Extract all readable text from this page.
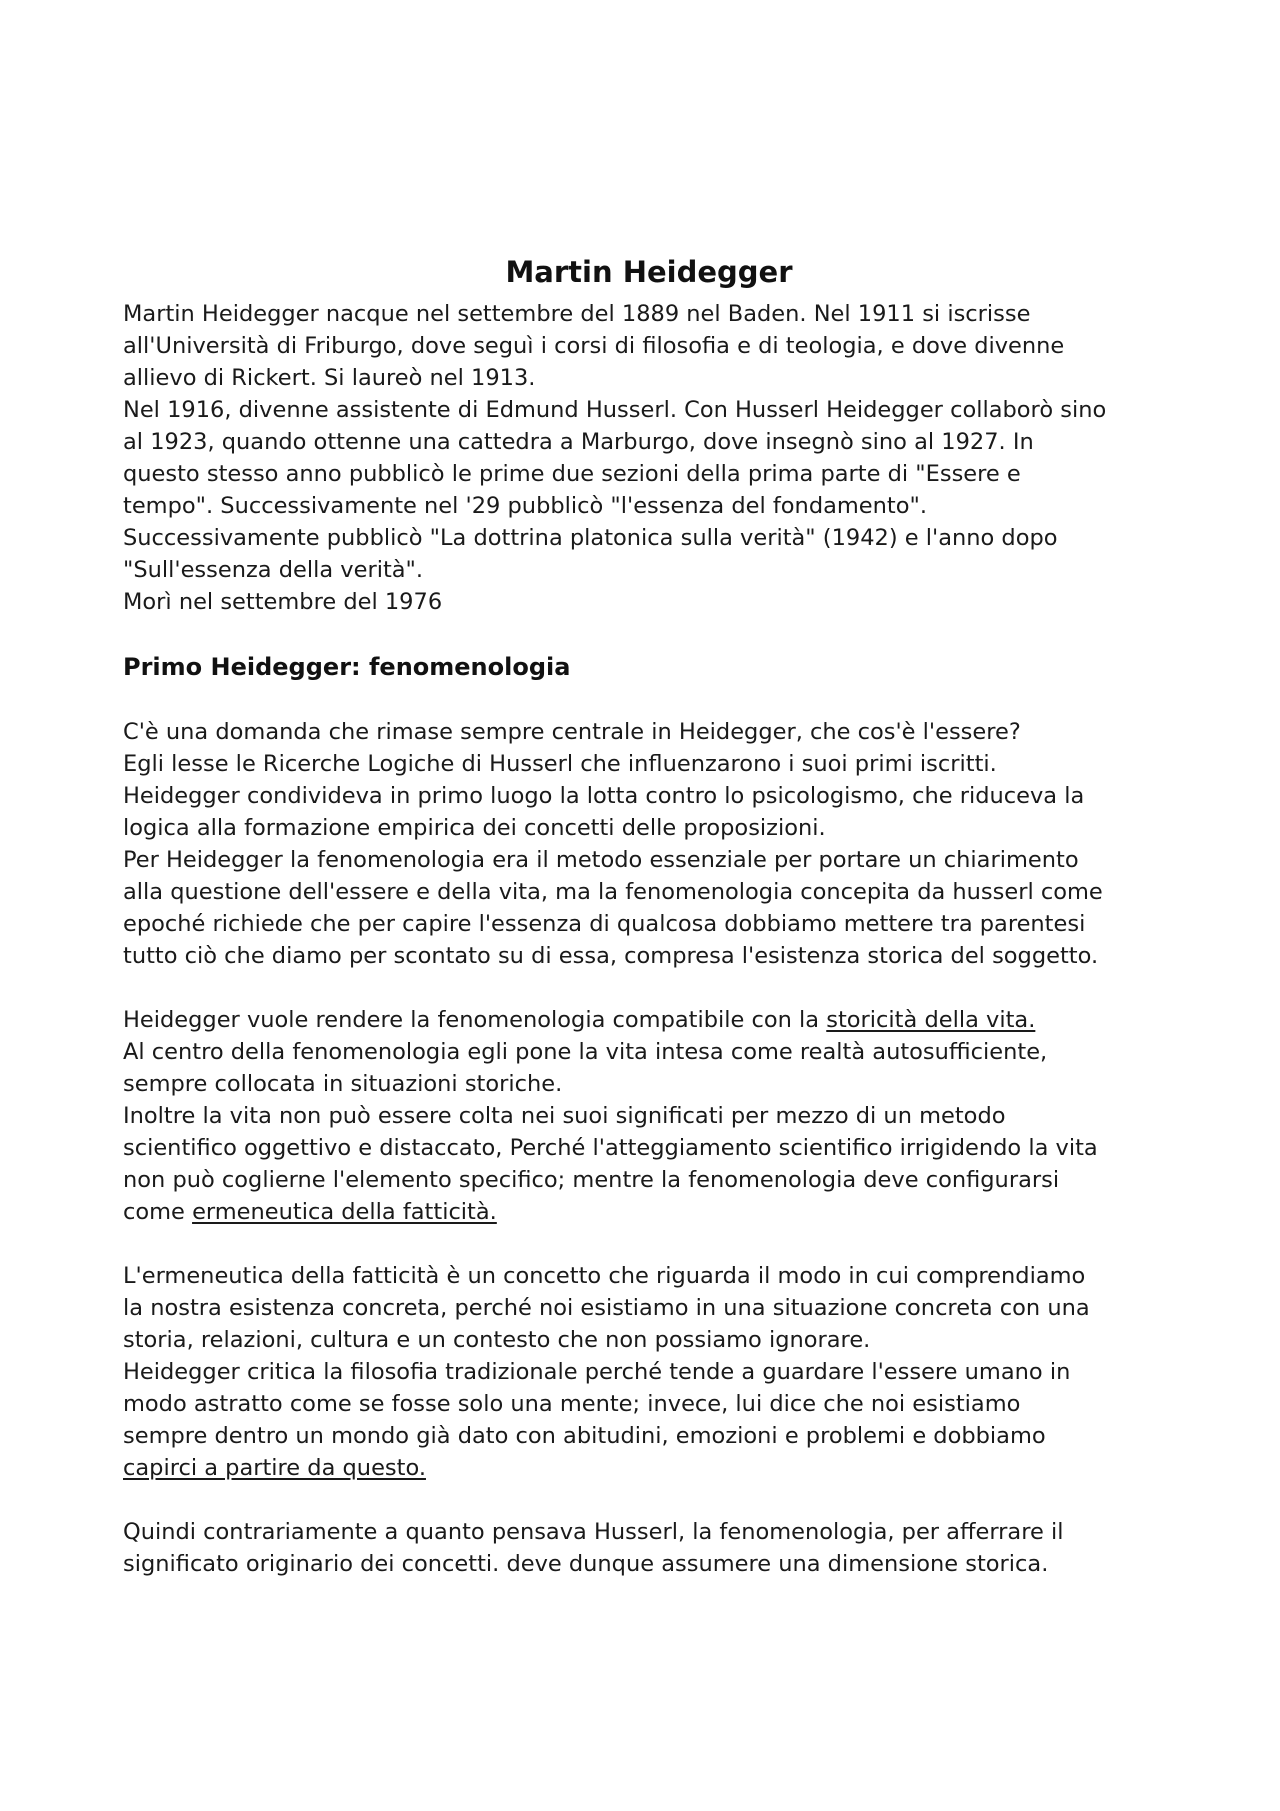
Martin Heidegger

Martin Heidegger nacque nel settembre del 1889 nel Baden. Nel 1911 si iscrisse

all'Università di Friburgo, dove seguì i corsi di filosofia e di teologia, e dove divenne

allievo di Rickert. Si laureò nel 1913.

Nel 1916, divenne assistente di Edmund Husserl. Con Husserl Heidegger collaborò sino

al 1923, quando ottenne una cattedra a Marburgo, dove insegnò sino al 1927. In

questo stesso anno pubblicò le prime due sezioni della prima parte di "Essere e

tempo". Successivamente nel '29 pubblicò "l'essenza del fondamento".

Successivamente pubblicò "La dottrina platonica sulla verità" (1942) e l'anno dopo

"Sull'essenza della verità".

Morì nel settembre del 1976

Primo Heidegger: fenomenologia

C'è una domanda che rimase sempre centrale in Heidegger, che cos'è l'essere?

Egli lesse le Ricerche Logiche di Husserl che influenzarono i suoi primi iscritti.

Heidegger condivideva in primo luogo la lotta contro lo psicologismo, che riduceva la

logica alla formazione empirica dei concetti delle proposizioni.

Per Heidegger la fenomenologia era il metodo essenziale per portare un chiarimento

alla questione dell'essere e della vita, ma la fenomenologia concepita da husserl come

epoché richiede che per capire l'essenza di qualcosa dobbiamo mettere tra parentesi

tutto ciò che diamo per scontato su di essa, compresa l'esistenza storica del soggetto.

Heidegger vuole rendere la fenomenologia compatibile con la storicità della vita.

Al centro della fenomenologia egli pone la vita intesa come realtà autosufficiente,

sempre collocata in situazioni storiche.

Inoltre la vita non può essere colta nei suoi significati per mezzo di un metodo

scientifico oggettivo e distaccato, Perché l'atteggiamento scientifico irrigidendo la vita

non può coglierne l'elemento specifico; mentre la fenomenologia deve configurarsi

come ermeneutica della fatticità.

L'ermeneutica della fatticità è un concetto che riguarda il modo in cui comprendiamo

la nostra esistenza concreta, perché noi esistiamo in una situazione concreta con una

storia, relazioni, cultura e un contesto che non possiamo ignorare.

Heidegger critica la filosofia tradizionale perché tende a guardare l'essere umano in

modo astratto come se fosse solo una mente; invece, lui dice che noi esistiamo

sempre dentro un mondo già dato con abitudini, emozioni e problemi e dobbiamo

capirci a partire da questo.

Quindi contrariamente a quanto pensava Husserl, la fenomenologia, per afferrare il

significato originario dei concetti. deve dunque assumere una dimensione storica.
